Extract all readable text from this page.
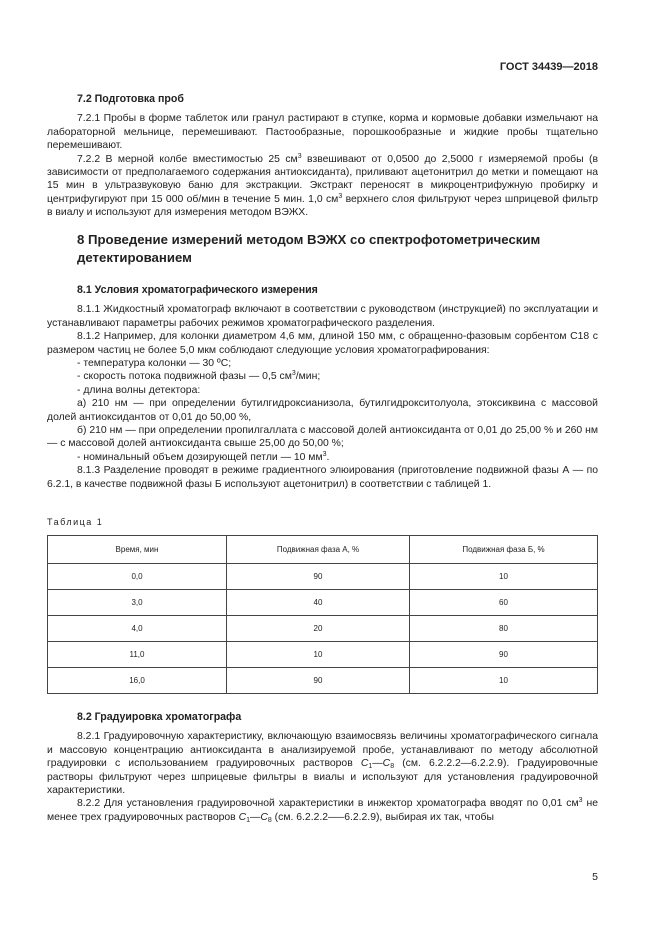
ГОСТ 34439—2018
7.2 Подготовка проб

7.2.1 Пробы в форме таблеток или гранул растирают в ступке, корма и кормовые добавки измельчают на лабораторной мельнице, перемешивают. Пастообразные, порошкообразные и жидкие пробы тщательно перемешивают.

7.2.2 В мерной колбе вместимостью 25 $см^3$ взвешивают от 0,0500 до 2,5000 г измеряемой пробы (в зависимости от предполагаемого содержания антиоксиданта), приливают ацетонитрил до метки и помещают на 15 мин в ультразвуковую баню для экстракции. Экстракт переносят в микроцентрифужную пробирку и центрифугируют при 15 000 об/мин в течение 5 мин. 1,0 $см^3$ верхнего слоя фильтруют через шприцевой фильтр в виалу и используют для измерения методом ВЭЖХ.

8 Проведение измерений методом ВЭЖХ со спектрофотометрическим детектированием
8.1 Условия хроматографического измерения

8.1.1 Жидкостный хроматограф включают в соответствии с руководством (инструкцией) по эксплуатации и устанавливают параметры рабочих режимов хроматографического разделения.

8.1.2 Например, для колонки диаметром 4,6 мм, длиной 150 мм, с обращенно-фазовым сорбентом С18 с размером частиц не более 5,0 мкм соблюдают следующие условия хроматографирования:

- температура колонки — 30 ºС;

- скорость потока подвижной фазы — 0,5 $см^3$/мин;

- длина волны детектора:

а) 210 нм — при определении бутилгидроксианизола, бутилгидрокситолуола, этоксиквина с массовой долей антиоксидантов от 0,01 до 50,00 %,

б) 210 нм — при определении пропилгаллата с массовой долей антиоксиданта от 0,01 до 25,00 % и 260 нм — с массовой долей антиоксиданта свыше 25,00 до 50,00 %;

- номинальный объем дозирующей петли — 10 $мм^3$.

8.1.3 Разделение проводят в режиме градиентного элюирования (приготовление подвижной фазы А — по 6.2.1, в качестве подвижной фазы Б используют ацетонитрил) в соответствии с таблицей 1.

Таблица 1
Время, мин	Подвижная фаза А, %	Подвижная фаза Б, %
0,0	90	10
3,0	40	60
4,0	20	80
11,0	10	90
16,0	90	10
8.2 Градуировка хроматографа

8.2.1 Градуировочную характеристику, включающую взаимосвязь величины хроматографического сигнала и массовую концентрацию антиоксиданта в анализируемой пробе, устанавливают по методу абсолютной градуировки с использованием градуировочных растворов $C_1—C_8$ (см. 6.2.2.2—6.2.2.9). Градуировочные растворы фильтруют через шприцевые фильтры в виалы и используют для установления градуировочной характеристики.

8.2.2 Для установления градуировочной характеристики в инжектор хроматографа вводят по 0,01 $см^3$ не менее трех градуировочных растворов $C_1—C_8$ (см. 6.2.2.2—–6.2.2.9), выбирая их так, чтобы

5
